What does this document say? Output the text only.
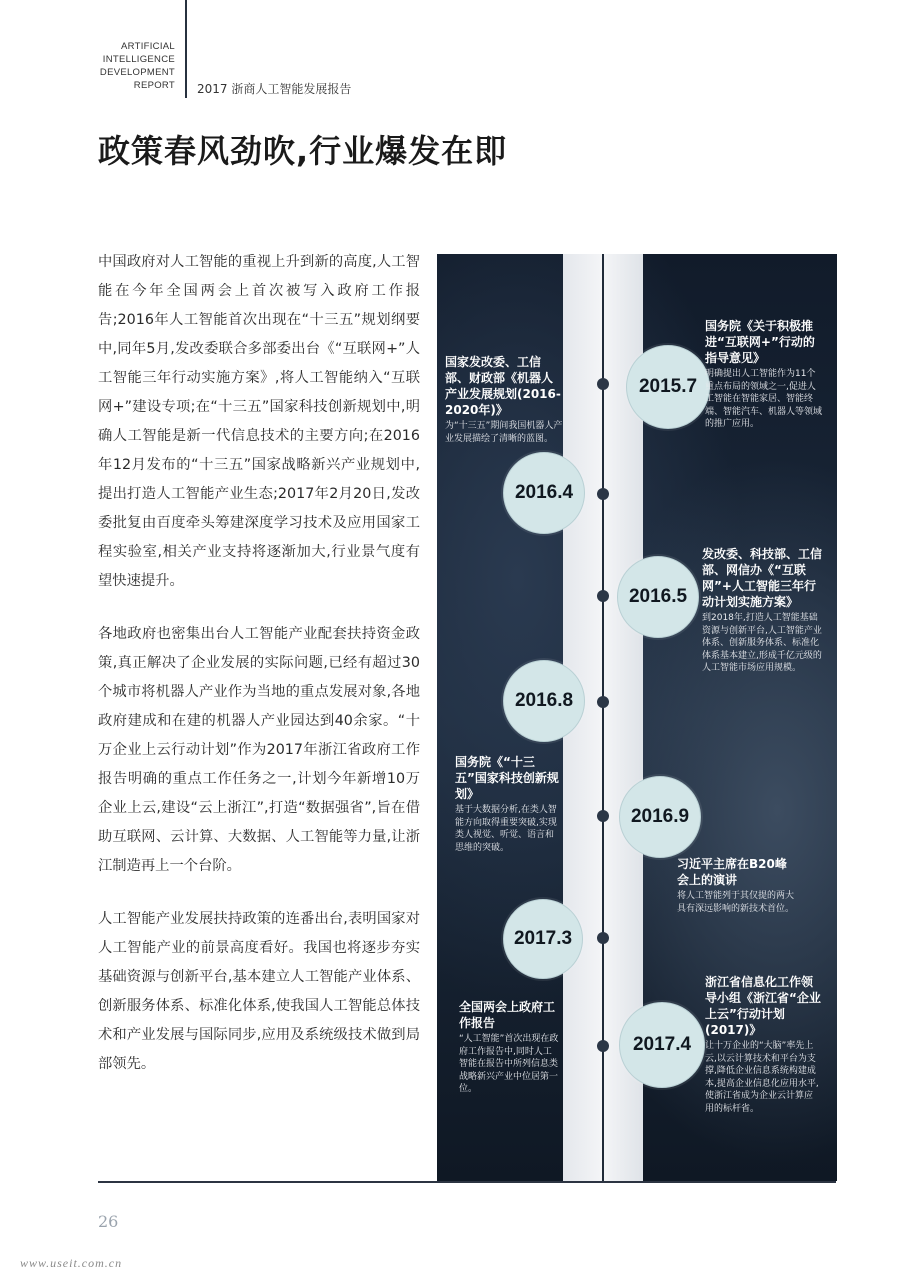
ARTIFICIAL
INTELLIGENCE
DEVELOPMENT
REPORT 2017 浙商人工智能发展报告
政策春风劲吹,行业爆发在即

中国政府对人工智能的重视上升到新的高度,人工智能在今年全国两会上首次被写入政府工作报告;2016年人工智能首次出现在“十三五”规划纲要中,同年5月,发改委联合多部委出台《“互联网+”人工智能三年行动实施方案》,将人工智能纳入“互联网+”建设专项;在“十三五”国家科技创新规划中,明确人工智能是新一代信息技术的主要方向;在2016年12月发布的“十三五”国家战略新兴产业规划中,提出打造人工智能产业生态;2017年2月20日,发改委批复由百度牵头筹建深度学习技术及应用国家工程实验室,相关产业支持将逐渐加大,行业景气度有望快速提升。

各地政府也密集出台人工智能产业配套扶持资金政策,真正解决了企业发展的实际问题,已经有超过30个城市将机器人产业作为当地的重点发展对象,各地政府建成和在建的机器人产业园达到40余家。“十万企业上云行动计划”作为2017年浙江省政府工作报告明确的重点工作任务之一,计划今年新增10万企业上云,建设“云上浙江”,打造“数据强省”,旨在借助互联网、云计算、大数据、人工智能等力量,让浙江制造再上一个台阶。

人工智能产业发展扶持政策的连番出台,表明国家对人工智能产业的前景高度看好。我国也将逐步夯实基础资源与创新平台,基本建立人工智能产业体系、创新服务体系、标准化体系,使我国人工智能总体技术和产业发展与国际同步,应用及系统级技术做到局部领先。

2015.7
国务院《关于积极推进“互联网+”行动的指导意见》
明确提出人工智能作为11个重点布局的领域之一,促进人工智能在智能家居、智能终端、智能汽车、机器人等领域的推广应用。
2016.4
国家发改委、工信部、财政部《机器人产业发展规划(2016-2020年)》
为“十三五”期间我国机器人产业发展描绘了清晰的蓝图。
2016.5
发改委、科技部、工信部、网信办《“互联网”+人工智能三年行动计划实施方案》
到2018年,打造人工智能基础资源与创新平台,人工智能产业体系、创新服务体系、标准化体系基本建立,形成千亿元级的人工智能市场应用规模。
2016.8
国务院《“十三五”国家科技创新规划》
基于大数据分析,在类人智能方向取得重要突破,实现类人视觉、听觉、语言和思维的突破。
2016.9
习近平主席在B20峰会上的演讲
将人工智能列于其仅提的两大具有深远影响的新技术首位。
2017.3
全国两会上政府工作报告
“人工智能”首次出现在政府工作报告中,同时人工智能在报告中所列信息类战略新兴产业中位居第一位。
2017.4
浙江省信息化工作领导小组《浙江省“企业上云”行动计划(2017)》
让十万企业的“大脑”率先上云,以云计算技术和平台为支撑,降低企业信息系统构建成本,提高企业信息化应用水平,使浙江省成为企业云计算应用的标杆省。
26
www.useit.com.cn
